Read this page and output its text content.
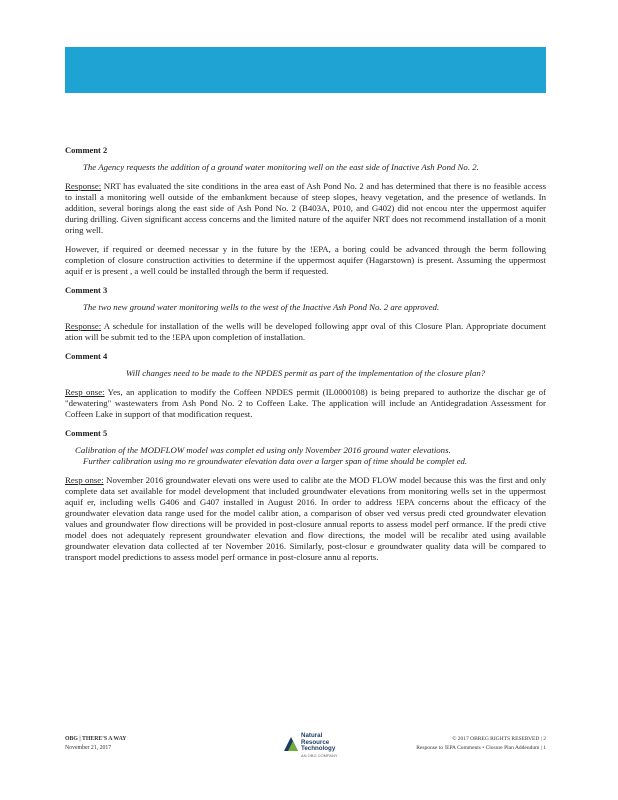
Comment 2

The Agency requests the addition of a ground water monitoring well on the east side of Inactive Ash Pond No. 2.

Response: NRT has evaluated the site conditions in the area east of Ash Pond No. 2 and has determined that there is no feasible access to install a monitoring well outside of the embankment because of steep slopes, heavy vegetation, and the presence of wetlands. In addition, several borings along the east side of Ash Pond No. 2 (B403A, P010, and G402) did not encou nter the uppermost aquifer during drilling. Given significant access concerns and the limited nature of the aquifer NRT does not recommend installation of a monit oring well.

However, if required or deemed necessar y in the future by the !EPA, a boring could be advanced through the berm following completion of closure construction activities to determine if the uppermost aquifer (Hagarstown) is present. Assuming the uppermost aquif er is present , a well could be installed through the berm if requested.

Comment 3

The two new ground water monitoring wells to the west of the Inactive Ash Pond No. 2 are approved.

Response: A schedule for installation of the wells will be developed following appr oval of this Closure Plan. Appropriate document ation will be submit ted to the !EPA upon completion of installation.

Comment 4

Will changes need to be made to the NPDES permit as part of the implementation of the closure plan?

Resp onse: Yes, an application to modify the Coffeen NPDES permit (IL0000108) is being prepared to authorize the dischar ge of "dewatering" wastewaters from Ash Pond No. 2 to Coffeen Lake. The application will include an Antidegradation Assessment for Coffeen Lake in support of that modification request.

Comment 5

Calibration of the MODFLOW model was complet ed using only November 2016 ground water elevations.
Further calibration using mo re groundwater elevation data over a larger span of time should be complet ed.

Resp onse: November 2016 groundwater elevati ons were used to calibr ate the MOD FLOW model because this was the first and only complete data set available for model development that included groundwater elevations from monitoring wells set in the uppermost aquif er, including wells G406 and G407 installed in August 2016. In order to address !EPA concerns about the efficacy of the groundwater elevation data range used for the model calibr ation, a comparison of obser ved versus predi cted groundwater elevation values and groundwater flow directions will be provided in post-closure annual reports to assess model perf ormance. If the predi ctive model does not adequately represent groundwater elevation and flow directions, the model will be recalibr ated using available groundwater elevation data collected af ter November 2016. Similarly, post-closur e groundwater quality data will be compared to transport model predictions to assess model perf ormance in post-closure annu al reports.

OBG | THERE'S A WAY
November 21, 2017
Natural
Resource
Technology
AN OBG COMPANY
© 2017 OBREG RIGHTS RESERVED | 2
Response to !EPA Comments • Closure Plan Addendum | 1
